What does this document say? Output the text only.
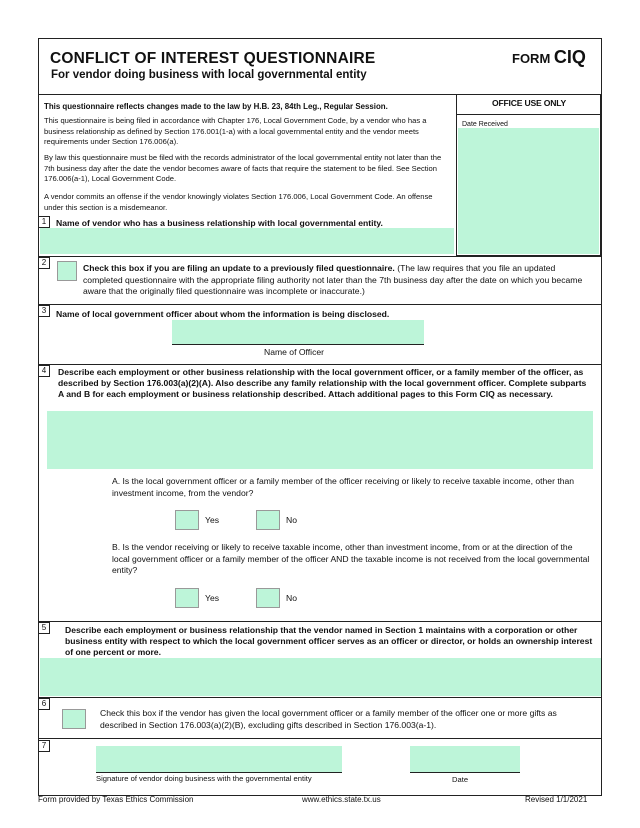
CONFLICT OF INTEREST QUESTIONNAIRE
For vendor doing business with local governmental entity
FORM CIQ
This questionnaire reflects changes made to the law by H.B. 23, 84th Leg., Regular Session.
This questionnaire is being filed in accordance with Chapter 176, Local Government Code, by a vendor who has a business relationship as defined by Section 176.001(1-a) with a local governmental entity and the vendor meets requirements under Section 176.006(a).
By law this questionnaire must be filed with the records administrator of the local governmental entity not later than the 7th business day after the date the vendor becomes aware of facts that require the statement to be filed. See Section 176.006(a-1), Local Government Code.
A vendor commits an offense if the vendor knowingly violates Section 176.006, Local Government Code. An offense under this section is a misdemeanor.
OFFICE USE ONLY
Date Received
1	Name of vendor who has a business relationship with local governmental entity.
2
Check this box if you are filing an update to a previously filed questionnaire. (The law requires that you file an updated completed questionnaire with the appropriate filing authority not later than the 7th business day after the date on which you became aware that the originally filed questionnaire was incomplete or inaccurate.)
3	Name of local government officer about whom the information is being disclosed.
Name of Officer
4	Describe each employment or other business relationship with the local government officer, or a family member of the officer, as described by Section 176.003(a)(2)(A). Also describe any family relationship with the local government officer. Complete subparts A and B for each employment or business relationship described. Attach additional pages to this Form CIQ as necessary.
A. Is the local government officer or a family member of the officer receiving or likely to receive taxable income, other than investment income, from the vendor?
Yes	No
B. Is the vendor receiving or likely to receive taxable income, other than investment income, from or at the direction of the local government officer or a family member of the officer AND the taxable income is not received from the local governmental entity?
Yes	No
5	Describe each employment or business relationship that the vendor named in Section 1 maintains with a corporation or other business entity with respect to which the local government officer serves as an officer or director, or holds an ownership interest of one percent or more.
6
Check this box if the vendor has given the local government officer or a family member of the officer one or more gifts as described in Section 176.003(a)(2)(B), excluding gifts described in Section 176.003(a-1).
7
Signature of vendor doing business with the governmental entity	Date
Form provided by Texas Ethics Commission	www.ethics.state.tx.us	Revised 1/1/2021
